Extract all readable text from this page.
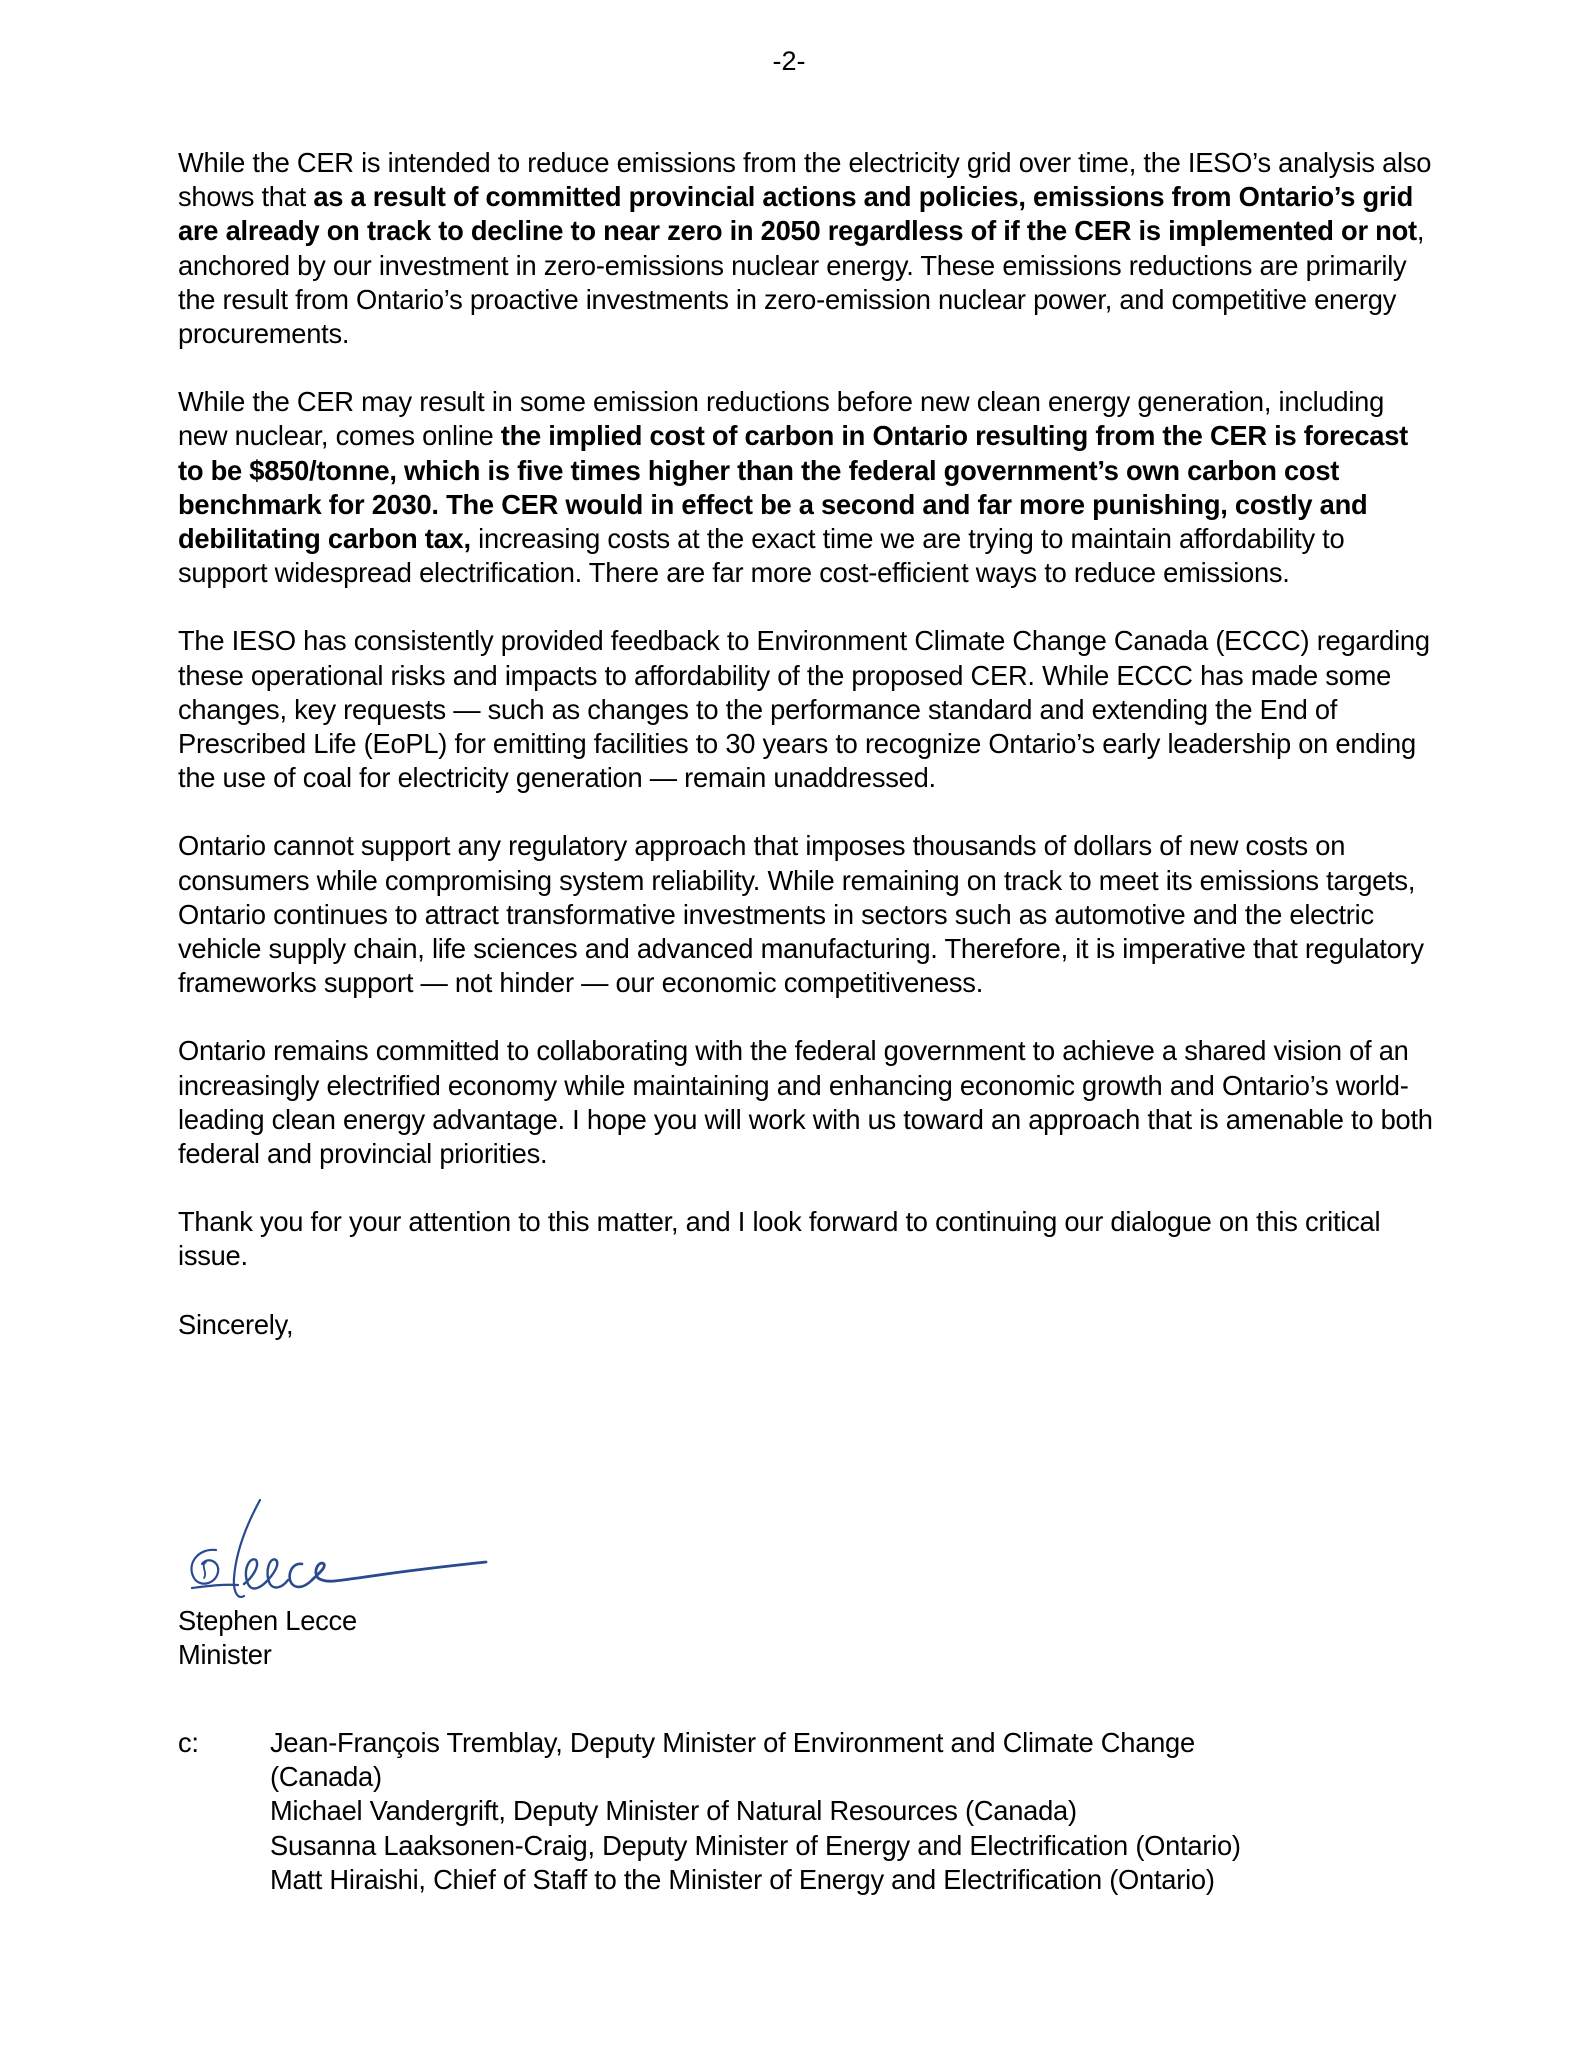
-2-

While the CER is intended to reduce emissions from the electricity grid over time, the IESO’s analysis also shows that as a result of committed provincial actions and policies, emissions from Ontario’s grid are already on track to decline to near zero in 2050 regardless of if the CER is implemented or not, anchored by our investment in zero-emissions nuclear energy. These emissions reductions are primarily the result from Ontario’s proactive investments in zero-emission nuclear power, and competitive energy procurements.

While the CER may result in some emission reductions before new clean energy generation, including new nuclear, comes online the implied cost of carbon in Ontario resulting from the CER is forecast to be $850/tonne, which is five times higher than the federal government’s own carbon cost benchmark for 2030. The CER would in effect be a second and far more punishing, costly and debilitating carbon tax, increasing costs at the exact time we are trying to maintain affordability to support widespread electrification. There are far more cost-efficient ways to reduce emissions.

The IESO has consistently provided feedback to Environment Climate Change Canada (ECCC) regarding these operational risks and impacts to affordability of the proposed CER. While ECCC has made some changes, key requests — such as changes to the performance standard and extending the End of Prescribed Life (EoPL) for emitting facilities to 30 years to recognize Ontario’s early leadership on ending the use of coal for electricity generation — remain unaddressed.

Ontario cannot support any regulatory approach that imposes thousands of dollars of new costs on consumers while compromising system reliability. While remaining on track to meet its emissions targets, Ontario continues to attract transformative investments in sectors such as automotive and the electric vehicle supply chain, life sciences and advanced manufacturing. Therefore, it is imperative that regulatory frameworks support — not hinder — our economic competitiveness.

Ontario remains committed to collaborating with the federal government to achieve a shared vision of an increasingly electrified economy while maintaining and enhancing economic growth and Ontario’s world-leading clean energy advantage. I hope you will work with us toward an approach that is amenable to both federal and provincial priorities.

Thank you for your attention to this matter, and I look forward to continuing our dialogue on this critical issue.

Sincerely,

Stephen Lecce
Minister
c:	Jean-François Tremblay, Deputy Minister of Environment and Climate Change (Canada)

Michael Vandergrift, Deputy Minister of Natural Resources (Canada)

Susanna Laaksonen-Craig, Deputy Minister of Energy and Electrification (Ontario)

Matt Hiraishi, Chief of Staff to the Minister of Energy and Electrification (Ontario)
